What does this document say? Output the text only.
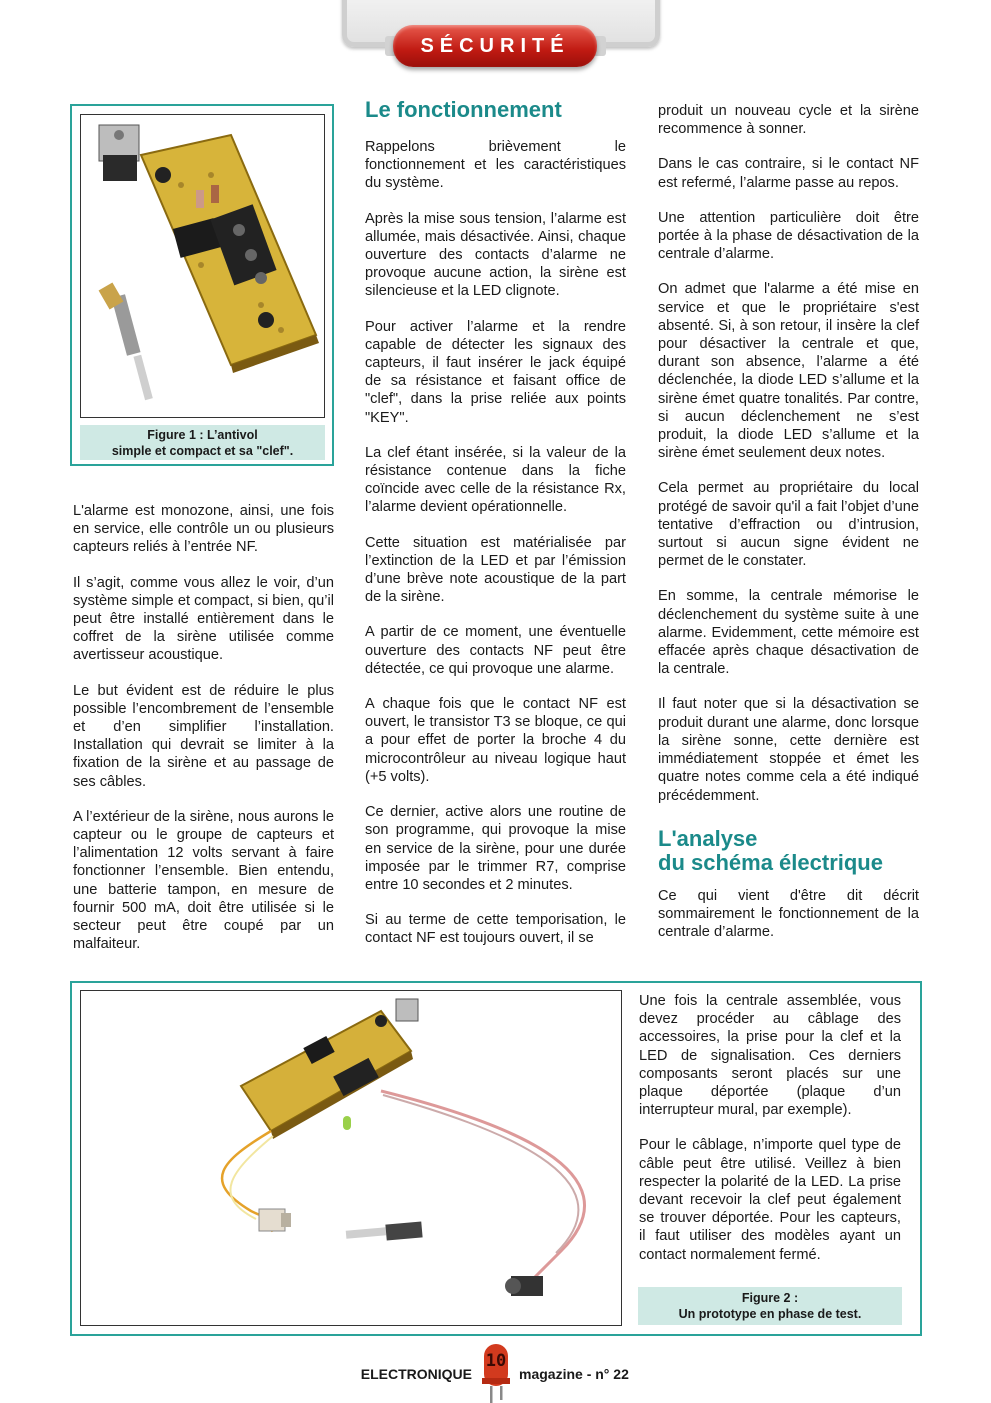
SÉCURITÉ
Figure 1 : L’antivol
simple et compact et sa "clef".

L'alarme est monozone, ainsi, une fois en service, elle contrôle un ou plusieurs capteurs reliés à l’entrée NF.

Il s’agit, comme vous allez le voir, d’un système simple et compact, si bien, qu’il peut être installé entièrement dans le coffret de la sirène utilisée comme avertisseur acoustique.

Le but évident est de réduire le plus possible l’encombrement de l’ensemble et d’en simplifier l’installation. Installation qui devrait se limiter à la fixation de la sirène et au passage de ses câbles.

A l’extérieur de la sirène, nous aurons le capteur ou le groupe de capteurs et l’alimentation 12 volts servant à faire fonctionner l’ensemble. Bien entendu, une batterie tampon, en mesure de fournir 500 mA, doit être utilisée si le secteur peut être coupé par un malfaiteur.

Le fonctionnement

Rappelons brièvement le fonctionnement et les caractéristiques du système.

Après la mise sous tension, l’alarme est allumée, mais désactivée. Ainsi, chaque ouverture des contacts d’alarme ne provoque aucune action, la sirène est silencieuse et la LED clignote.

Pour activer l’alarme et la rendre capable de détecter les signaux des capteurs, il faut insérer le jack équipé de sa résistance et faisant office de "clef", dans la prise reliée aux points "KEY".

La clef étant insérée, si la valeur de la résistance contenue dans la fiche coïncide avec celle de la résistance Rx, l’alarme devient opérationnelle.

Cette situation est matérialisée par l’extinction de la LED et par l’émission d’une brève note acoustique de la part de la sirène.

A partir de ce moment, une éventuelle ouverture des contacts NF peut être détectée, ce qui provoque une alarme.

A chaque fois que le contact NF est ouvert, le transistor T3 se bloque, ce qui a pour effet de porter la broche 4 du microcontrôleur au niveau logique haut (+5 volts).

Ce dernier, active alors une routine de son programme, qui provoque la mise en service de la sirène, pour une durée imposée par le trimmer R7, comprise entre 10 secondes et 2 minutes.

Si au terme de cette temporisation, le contact NF est toujours ouvert, il se

produit un nouveau cycle et la sirène recommence à sonner.

Dans le cas contraire, si le contact NF est refermé, l’alarme passe au repos.

Une attention particulière doit être portée à la phase de désactivation de la centrale d’alarme.

On admet que l'alarme a été mise en service et que le propriétaire s'est absenté. Si, à son retour, il insère la clef pour désactiver la centrale et que, durant son absence, l’alarme a été déclenchée, la diode LED s’allume et la sirène émet quatre tonalités. Par contre, si aucun déclenchement ne s’est produit, la diode LED s’allume et la sirène émet seulement deux notes.

Cela permet au propriétaire du local protégé de savoir qu'il a fait l’objet d’une tentative d’effraction ou d’intrusion, surtout si aucun signe évident ne permet de le constater.

En somme, la centrale mémorise le déclenchement du système suite à une alarme. Evidemment, cette mémoire est effacée après chaque désactivation de la centrale.

Il faut noter que si la désactivation se produit durant une alarme, donc lorsque la sirène sonne, cette dernière est immédiatement stoppée et émet les quatre notes comme cela a été indiqué précédemment.

L'analyse
du schéma électrique

Ce qui vient d'être dit décrit sommairement le fonctionnement de la centrale d’alarme.

Une fois la centrale assemblée, vous devez procéder au câblage des accessoires, la prise pour la clef et la LED de signalisation. Ces derniers composants seront placés sur une plaque déportée (plaque d’un interrupteur mural, par exemple).

Pour le câblage, n’importe quel type de câble peut être utilisé. Veillez à bien respecter la polarité de la LED. La prise devant recevoir la clef peut également se trouver déportée. Pour les capteurs, il faut utiliser des modèles ayant un contact normalement fermé.

Figure 2 :
Un prototype en phase de test.
ELECTRONIQUE
10
magazine - n° 22
